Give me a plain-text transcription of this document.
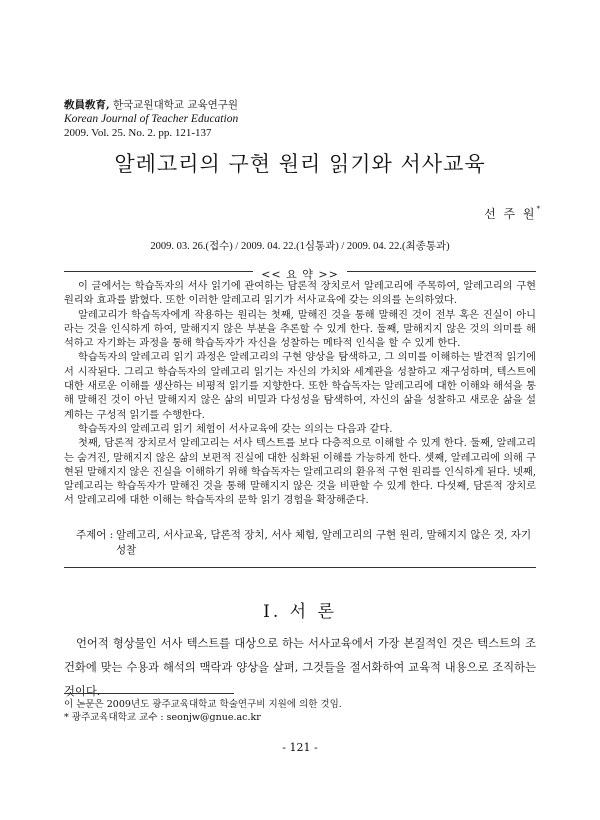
敎員敎育, 한국교원대학교 교육연구원
Korean Journal of Teacher Education
2009. Vol. 25. No. 2. pp. 121-137
알레고리의 구현 원리 읽기와 서사교육
선 주 원*
2009. 03. 26.(접수) / 2009. 04. 22.(1심통과) / 2009. 04. 22.(최종통과)
<< 요 약 >>

이 글에서는 학습독자의 서사 읽기에 관여하는 담론적 장치로서 알레고리에 주목하여, 알레고리의 구현 원리와 효과를 밝혔다. 또한 이러한 알레고리 읽기가 서사교육에 갖는 의의를 논의하였다.

알레고리가 학습독자에게 작용하는 원리는 첫째, 말해진 것을 통해 말해진 것이 전부 혹은 진실이 아니라는 것을 인식하게 하여, 말해지지 않은 부분을 추론할 수 있게 한다. 둘째, 말해지지 않은 것의 의미를 해석하고 자기화는 과정을 통해 학습독자가 자신을 성찰하는 메타적 인식을 할 수 있게 한다.

학습독자의 알레고리 읽기 과정은 알레고리의 구현 양상을 탐색하고, 그 의미를 이해하는 발견적 읽기에서 시작된다. 그리고 학습독자의 알레고리 읽기는 자신의 가치와 세계관을 성찰하고 재구성하며, 텍스트에 대한 새로운 이해를 생산하는 비평적 읽기를 지향한다. 또한 학습독자는 알레고리에 대한 이해와 해석을 통해 말해진 것이 아닌 말해지지 않은 삶의 비밀과 다성성을 탐색하여, 자신의 삶을 성찰하고 새로운 삶을 설계하는 구성적 읽기를 수행한다.

학습독자의 알레고리 읽기 체험이 서사교육에 갖는 의의는 다음과 같다.

첫째, 담론적 장치로서 알레고리는 서사 텍스트를 보다 다층적으로 이해할 수 있게 한다. 둘째, 알레고리는 숨겨진, 말해지지 않은 삶의 보편적 진실에 대한 심화된 이해를 가능하게 한다. 셋째, 알레고리에 의해 구현된 말해지지 않은 진실을 이해하기 위해 학습독자는 알레고리의 환유적 구현 원리를 인식하게 된다. 넷째, 알레고리는 학습독자가 말해진 것을 통해 말해지지 않은 것을 비판할 수 있게 한다. 다섯째, 담론적 장치로서 알레고리에 대한 이해는 학습독자의 문학 읽기 경험을 확장해준다.

주제어 : 알레고리, 서사교육, 담론적 장치, 서사 체험, 알레고리의 구현 원리, 말해지지 않은 것, 자기 성찰
Ⅰ. 서 론

언어적 형상물인 서사 텍스트를 대상으로 하는 서사교육에서 가장 본질적인 것은 텍스트의 조건화에 맞는 수용과 해석의 맥락과 양상을 살펴, 그것들을 절서화하여 교육적 내용으로 조직하는 것이다.

이 논문은 2009년도 광주교육대학교 학술연구비 지원에 의한 것임.
* 광주교육대학교 교수 : seonjw@gnue.ac.kr
- 121 -
